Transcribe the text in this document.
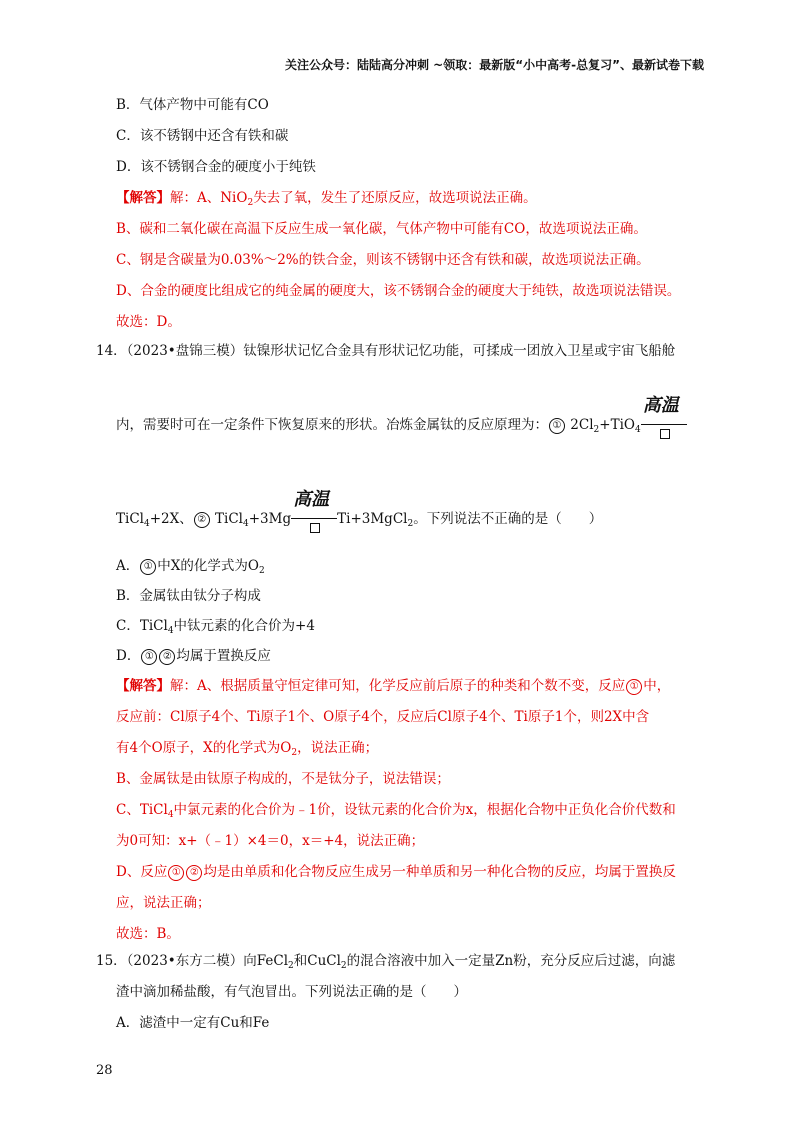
关注公众号：陆陆高分冲刺 ~领取：最新版“小中高考-总复习”、最新试卷下载
B．气体产物中可能有CO
C．该不锈钢中还含有铁和碳
D．该不锈钢合金的硬度小于纯铁
【解答】解：A、NiO$_2$失去了氧，发生了还原反应，故选项说法正确。
B、碳和二氧化碳在高温下反应生成一氧化碳，气体产物中可能有CO，故选项说法正确。
C、钢是含碳量为0.03%～2%的铁合金，则该不锈钢中还含有铁和碳，故选项说法正确。
D、合金的硬度比组成它的纯金属的硬度大，该不锈钢合金的硬度大于纯铁，故选项说法错误。
故选：D。
14．（2023•盘锦三模）钛镍形状记忆合金具有形状记忆功能，可揉成一团放入卫星或宇宙飞船舱
内，需要时可在一定条件下恢复原来的形状。冶炼金属钛的反应原理为： ① $2Cl_2+TiO_4$
高温
TiCl$_4$+2X、 ② TiCl$_4$+3Mg
高温
Ti+3MgCl$_2$。下列说法不正确的是（　　）
A． ① 中X的化学式为$O_2$
B．金属钛由钛分子构成
C．TiCl$_4$中钛元素的化合价为+4
D． ① ② 均属于置换反应
【解答】解：A、根据质量守恒定律可知，化学反应前后原子的种类和个数不变，反应 ① 中，
反应前：Cl原子4个、Ti原子1个、O原子4个，反应后Cl原子4个、Ti原子1个，则2X中含
有4个O原子，X的化学式为$O_2$，说法正确；
B、金属钛是由钛原子构成的，不是钛分子，说法错误；
C、TiCl$_4$中氯元素的化合价为﹣1价，设钛元素的化合价为x，根据化合物中正负化合价代数和
为0可知：x+（﹣1）×4＝0，x＝+4，说法正确；
D、反应 ① ② 均是由单质和化合物反应生成另一种单质和另一种化合物的反应，均属于置换反
应，说法正确；
故选：B。
15．（2023•东方二模）向FeCl$_2$和CuCl$_2$的混合溶液中加入一定量Zn粉，充分反应后过滤，向滤
渣中滴加稀盐酸，有气泡冒出。下列说法正确的是（　　）
A．滤渣中一定有Cu和Fe
28
